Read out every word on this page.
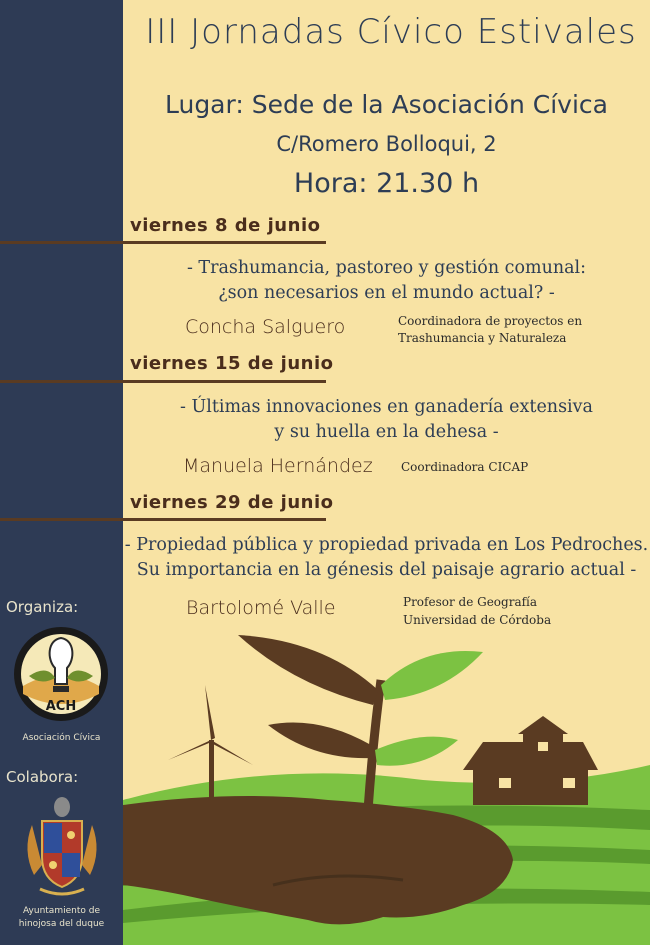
Organiza:
ACH
Asociación Cívica
Colabora:
Ayuntamiento de
hinojosa del duque
III Jornadas Cívico Estivales
Lugar: Sede de la Asociación Cívica
C/Romero Bolloqui, 2
Hora: 21.30 h
viernes 8 de junio
- Trashumancia, pastoreo y gestión comunal:
¿son necesarios en el mundo actual? -
Concha Salguero	Coordinadora de proyectos en
Trashumancia y Naturaleza
viernes 15 de junio
- Últimas innovaciones en ganadería extensiva
y su huella en la dehesa -
Manuela Hernández Coordinadora CICAP
viernes 29 de junio
- Propiedad pública y propiedad privada en Los Pedroches.
Su importancia en la génesis del paisaje agrario actual -
Bartolomé Valle	Profesor de Geografía
Universidad de Córdoba
